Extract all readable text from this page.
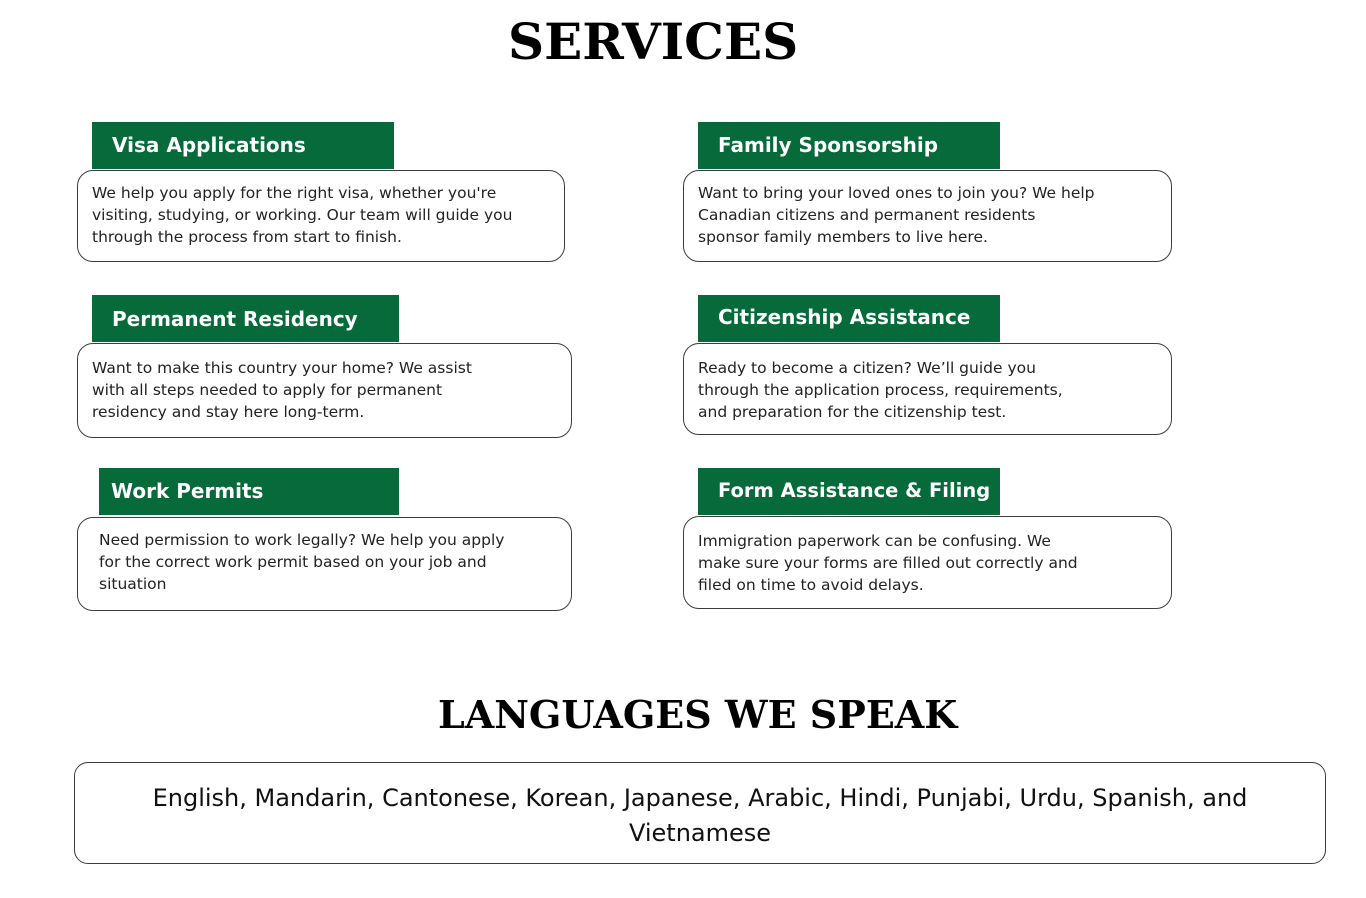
SERVICES
Visa Applications

We help you apply for the right visa, whether you're
visiting, studying, or working. Our team will guide you
through the process from start to finish.

Family Sponsorship

Want to bring your loved ones to join you? We help
Canadian citizens and permanent residents
sponsor family members to live here.

Permanent Residency

Want to make this country your home? We assist
with all steps needed to apply for permanent
residency and stay here long-term.

Citizenship Assistance

Ready to become a citizen? We’ll guide you
through the application process, requirements,
and preparation for the citizenship test.

Work Permits

Need permission to work legally? We help you apply
for the correct work permit based on your job and
situation

Form Assistance & Filing

Immigration paperwork can be confusing. We
make sure your forms are filled out correctly and
filed on time to avoid delays.

LANGUAGES WE SPEAK

English, Mandarin, Cantonese, Korean, Japanese, Arabic, Hindi, Punjabi, Urdu, Spanish, and
Vietnamese
